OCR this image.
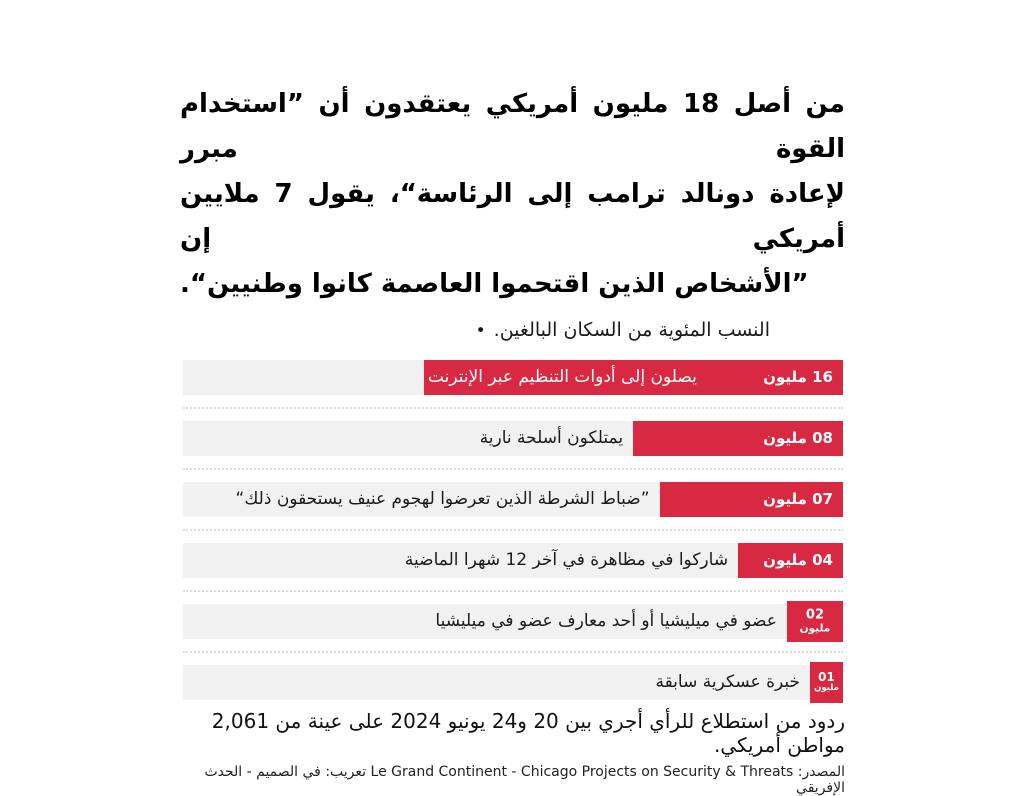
من أصل 18 مليون أمريكي يعتقدون أن ”استخدام القوة مبرر
لإعادة دونالد ترامب إلى الرئاسة“، يقول 7 ملايين أمريكي إن
”الأشخاص الذين اقتحموا العاصمة كانوا وطنيين“.
• النسب المئوية من السكان البالغين.
16 مليون
يصلون إلى أدوات التنظيم عبر الإنترنت
08 مليون
يمتلكون أسلحة نارية
07 مليون
”ضباط الشرطة الذين تعرضوا لهجوم عنيف يستحقون ذلك“
04 مليون
شاركوا في مظاهرة في آخر 12 شهرا الماضية
02
مليون
عضو في ميليشيا أو أحد معارف عضو في ميليشيا
01
مليون
خبرة عسكرية سابقة
ردود من استطلاع للرأي أجري بين 20 و24 يونيو 2024 على عينة من 2,061 مواطن أمريكي.
المصدر: Le Grand Continent - Chicago Projects on Security & Threats تعريب: في الصميم - الحدث الإفريقي
